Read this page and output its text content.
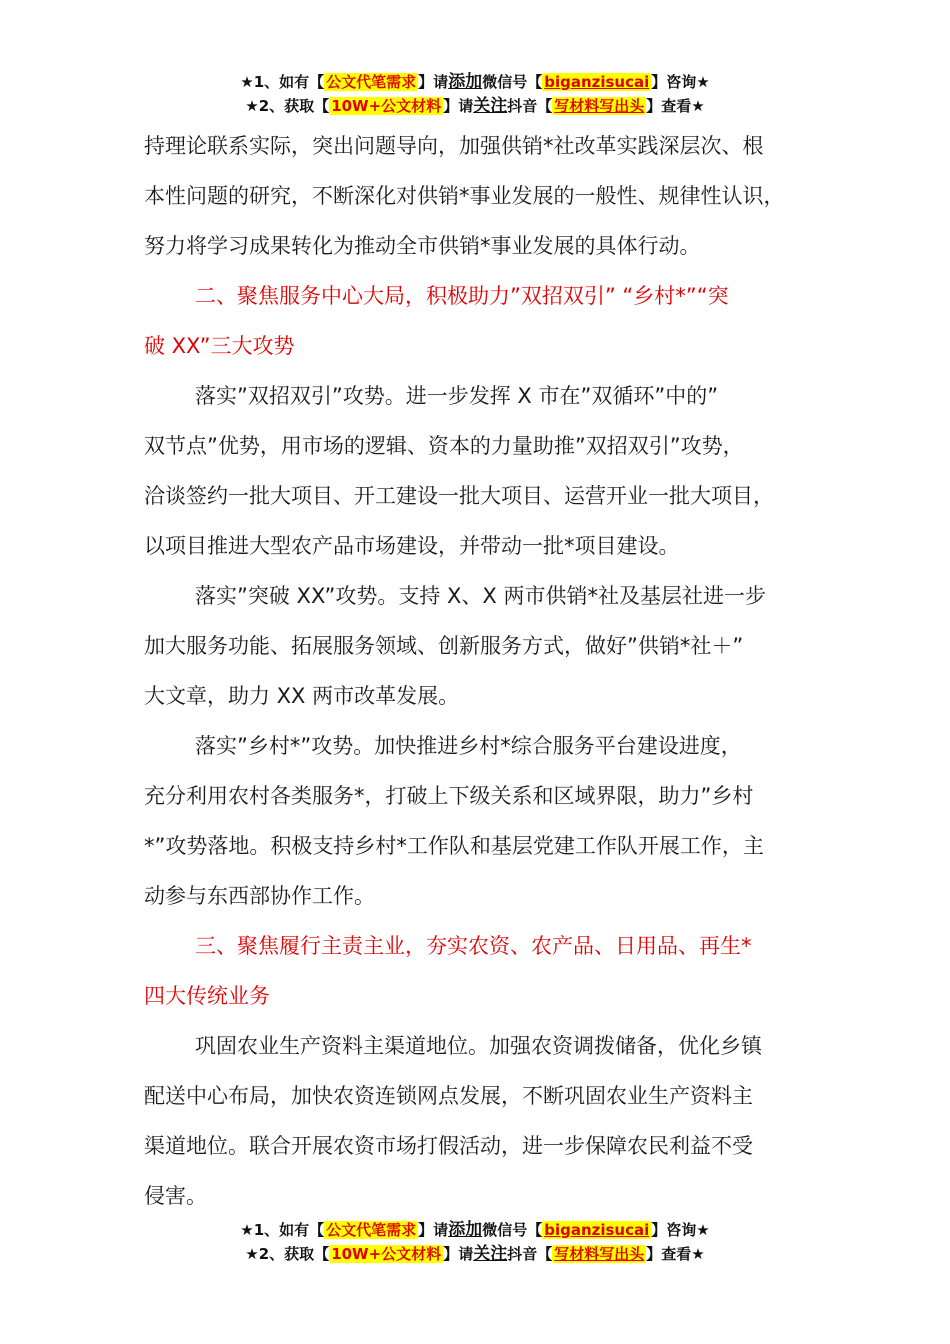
★1、如有【 公文代笔需求 】请添加微信号【 biganzisucai 】咨询★
★2、获取【 10W+公文材料 】请关注抖音【 写材料写出头 】查看★

持理论联系实际，突出问题导向，加强供销*社改革实践深层次、根

本性问题的研究，不断深化对供销*事业发展的一般性、规律性认识，

努力将学习成果转化为推动全市供销*事业发展的具体行动。

二、聚焦服务中心大局，积极助力”双招双引” “乡村*”“突

破 XX”三大攻势

落实”双招双引”攻势。进一步发挥 X 市在”双循环”中的”

双节点”优势，用市场的逻辑、资本的力量助推”双招双引”攻势，

洽谈签约一批大项目、开工建设一批大项目、运营开业一批大项目，

以项目推进大型农产品市场建设，并带动一批*项目建设。

落实”突破 XX”攻势。支持 X、X 两市供销*社及基层社进一步

加大服务功能、拓展服务领域、创新服务方式，做好”供销*社＋”

大文章，助力 XX 两市改革发展。

落实”乡村*”攻势。加快推进乡村*综合服务平台建设进度，

充分利用农村各类服务*，打破上下级关系和区域界限，助力”乡村

*”攻势落地。积极支持乡村*工作队和基层党建工作队开展工作，主

动参与东西部协作工作。

三、聚焦履行主责主业，夯实农资、农产品、日用品、再生*

四大传统业务

巩固农业生产资料主渠道地位。加强农资调拨储备，优化乡镇

配送中心布局，加快农资连锁网点发展，不断巩固农业生产资料主

渠道地位。联合开展农资市场打假活动，进一步保障农民利益不受

侵害。

★1、如有【 公文代笔需求 】请添加微信号【 biganzisucai 】咨询★
★2、获取【 10W+公文材料 】请关注抖音【 写材料写出头 】查看★
